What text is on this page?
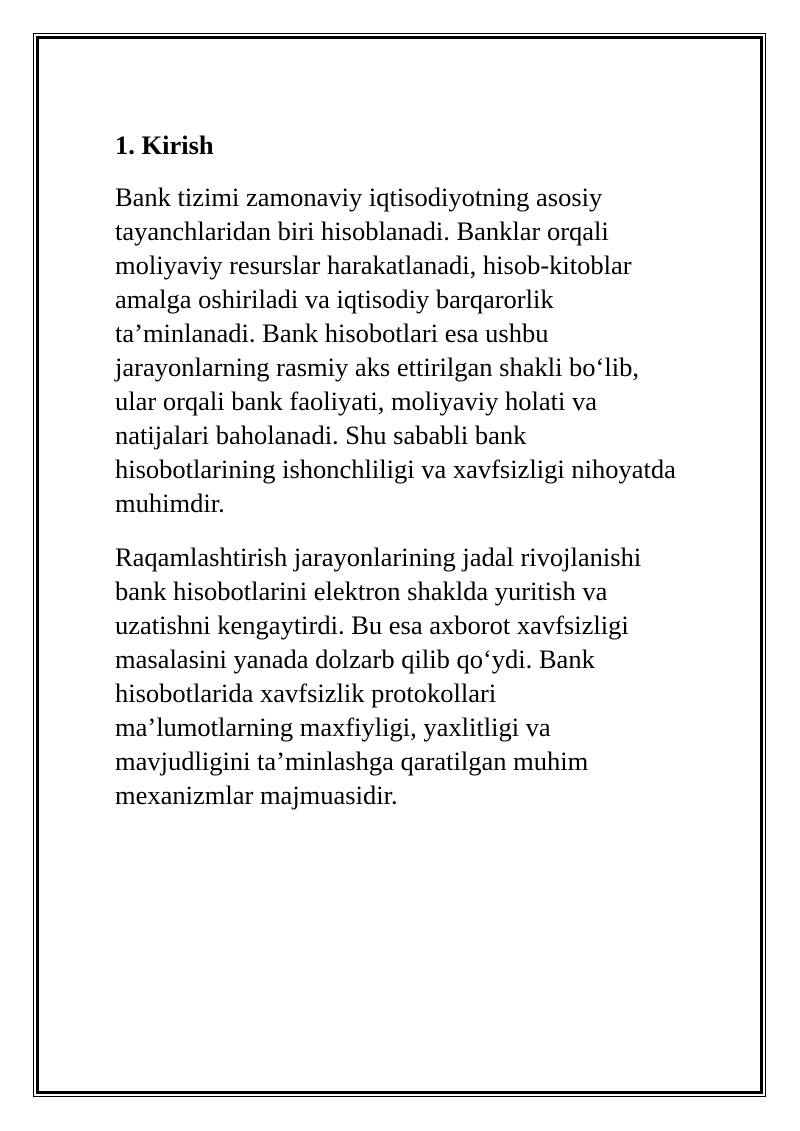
1. Kirish
Bank tizimi zamonaviy iqtisodiyotning asosiy
tayanchlaridan biri hisoblanadi. Banklar orqali
moliyaviy resurslar harakatlanadi, hisob-kitoblar
amalga oshiriladi va iqtisodiy barqarorlik
ta’minlanadi. Bank hisobotlari esa ushbu
jarayonlarning rasmiy aks ettirilgan shakli bo‘lib,
ular orqali bank faoliyati, moliyaviy holati va
natijalari baholanadi. Shu sababli bank
hisobotlarining ishonchliligi va xavfsizligi nihoyatda
muhimdir.
Raqamlashtirish jarayonlarining jadal rivojlanishi
bank hisobotlarini elektron shaklda yuritish va
uzatishni kengaytirdi. Bu esa axborot xavfsizligi
masalasini yanada dolzarb qilib qo‘ydi. Bank
hisobotlarida xavfsizlik protokollari
ma’lumotlarning maxfiyligi, yaxlitligi va
mavjudligini ta’minlashga qaratilgan muhim
mexanizmlar majmuasidir.
